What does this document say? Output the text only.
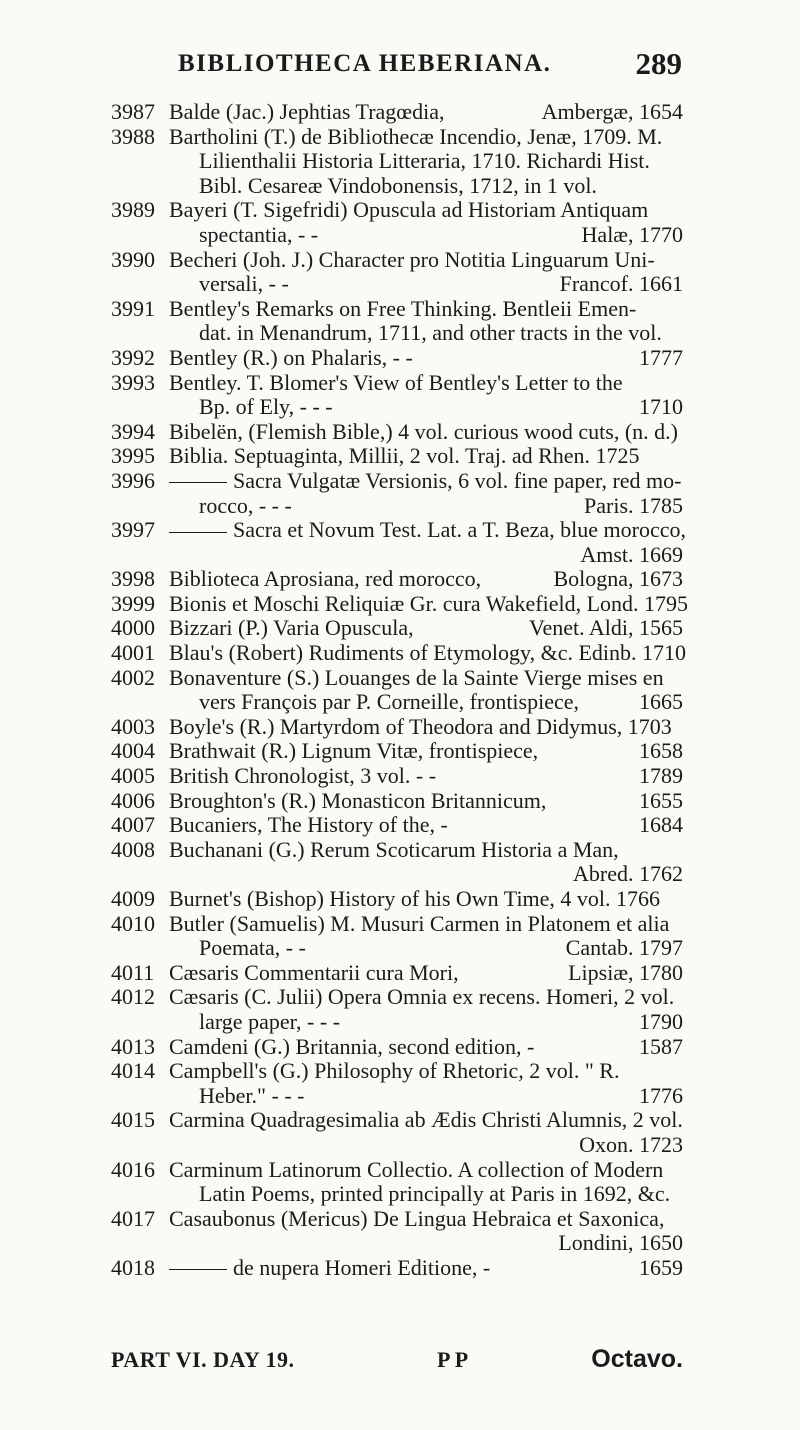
BIBLIOTHECA HEBERIANA.	289
3987 Balde (Jac.) Jephtias Tragœdia,	Ambergæ, 1654
3988 Bartholini (T.) de Bibliothecæ Incendio, Jenæ, 1709. M.
Lilienthalii Historia Litteraria, 1710. Richardi Hist.
Bibl. Cesareæ Vindobonensis, 1712, in 1 vol.
3989 Bayeri (T. Sigefridi) Opuscula ad Historiam Antiquam
spectantia, - -	Halæ, 1770
3990 Becheri (Joh. J.) Character pro Notitia Linguarum Uni-
versali, - -	Francof. 1661
3991 Bentley's Remarks on Free Thinking. Bentleii Emen-
dat. in Menandrum, 1711, and other tracts in the vol.
3992 Bentley (R.) on Phalaris, - -	1777
3993 Bentley. T. Blomer's View of Bentley's Letter to the
Bp. of Ely, - - -	1710
3994 Bibelën, (Flemish Bible,) 4 vol. curious wood cuts, (n. d.)
3995 Biblia. Septuaginta, Millii, 2 vol. Traj. ad Rhen. 1725
3996	Sacra Vulgatæ Versionis, 6 vol. fine paper, red mo-
rocco, - - -	Paris. 1785
3997	Sacra et Novum Test. Lat. a T. Beza, blue morocco,
Amst. 1669
3998 Biblioteca Aprosiana, red morocco,	Bologna, 1673
3999 Bionis et Moschi Reliquiæ Gr. cura Wakefield, Lond. 1795
4000 Bizzari (P.) Varia Opuscula,	Venet. Aldi, 1565
4001 Blau's (Robert) Rudiments of Etymology, &c. Edinb. 1710
4002 Bonaventure (S.) Louanges de la Sainte Vierge mises en
vers François par P. Corneille, frontispiece,	1665
4003 Boyle's (R.) Martyrdom of Theodora and Didymus, 1703
4004 Brathwait (R.) Lignum Vitæ, frontispiece,	1658
4005 British Chronologist, 3 vol. - -	1789
4006 Broughton's (R.) Monasticon Britannicum,	1655
4007 Bucaniers, The History of the, -	1684
4008 Buchanani (G.) Rerum Scoticarum Historia a Man,
Abred. 1762
4009 Burnet's (Bishop) History of his Own Time, 4 vol. 1766
4010 Butler (Samuelis) M. Musuri Carmen in Platonem et alia
Poemata, - -	Cantab. 1797
4011 Cæsaris Commentarii cura Mori,	Lipsiæ, 1780
4012 Cæsaris (C. Julii) Opera Omnia ex recens. Homeri, 2 vol.
large paper, - - -	1790
4013 Camdeni (G.) Britannia, second edition, -	1587
4014 Campbell's (G.) Philosophy of Rhetoric, 2 vol. " R.
Heber." - - -	1776
4015 Carmina Quadragesimalia ab Ædis Christi Alumnis, 2 vol.
Oxon. 1723
4016 Carminum Latinorum Collectio. A collection of Modern
Latin Poems, printed principally at Paris in 1692, &c.
4017 Casaubonus (Mericus) De Lingua Hebraica et Saxonica,
Londini, 1650
4018	de nupera Homeri Editione, -	1659
PART VI. DAY 19.	P P	Octavo.
